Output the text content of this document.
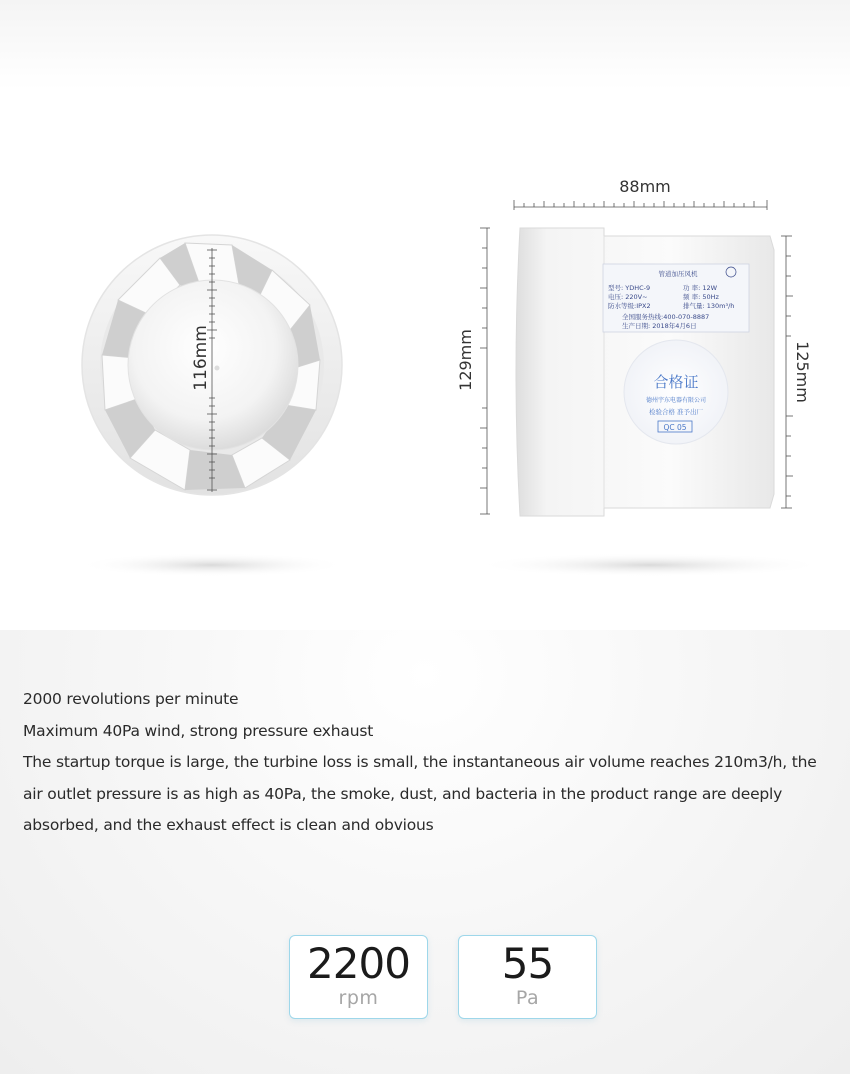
116mm
88mm
129mm	125mm
管道加压风机
型号: YDHC-9	功 率: 12W
电压: 220V~	频 率: 50Hz
防水等级:IPX2	排气量: 130m³/h
全国服务热线:400-070-8887
生产日期: 2018年4月6日
合格证
德州宇东电器有限公司
检验合格 准予出厂
QC 05
2000 revolutions per minute
Maximum 40Pa wind, strong pressure exhaust
The startup torque is large, the turbine loss is small, the instantaneous air volume reaches 210m3/h, the air outlet pressure is as high as 40Pa, the smoke, dust, and bacteria in the product range are deeply absorbed, and the exhaust effect is clean and obvious
2200
rpm
55
Pa
